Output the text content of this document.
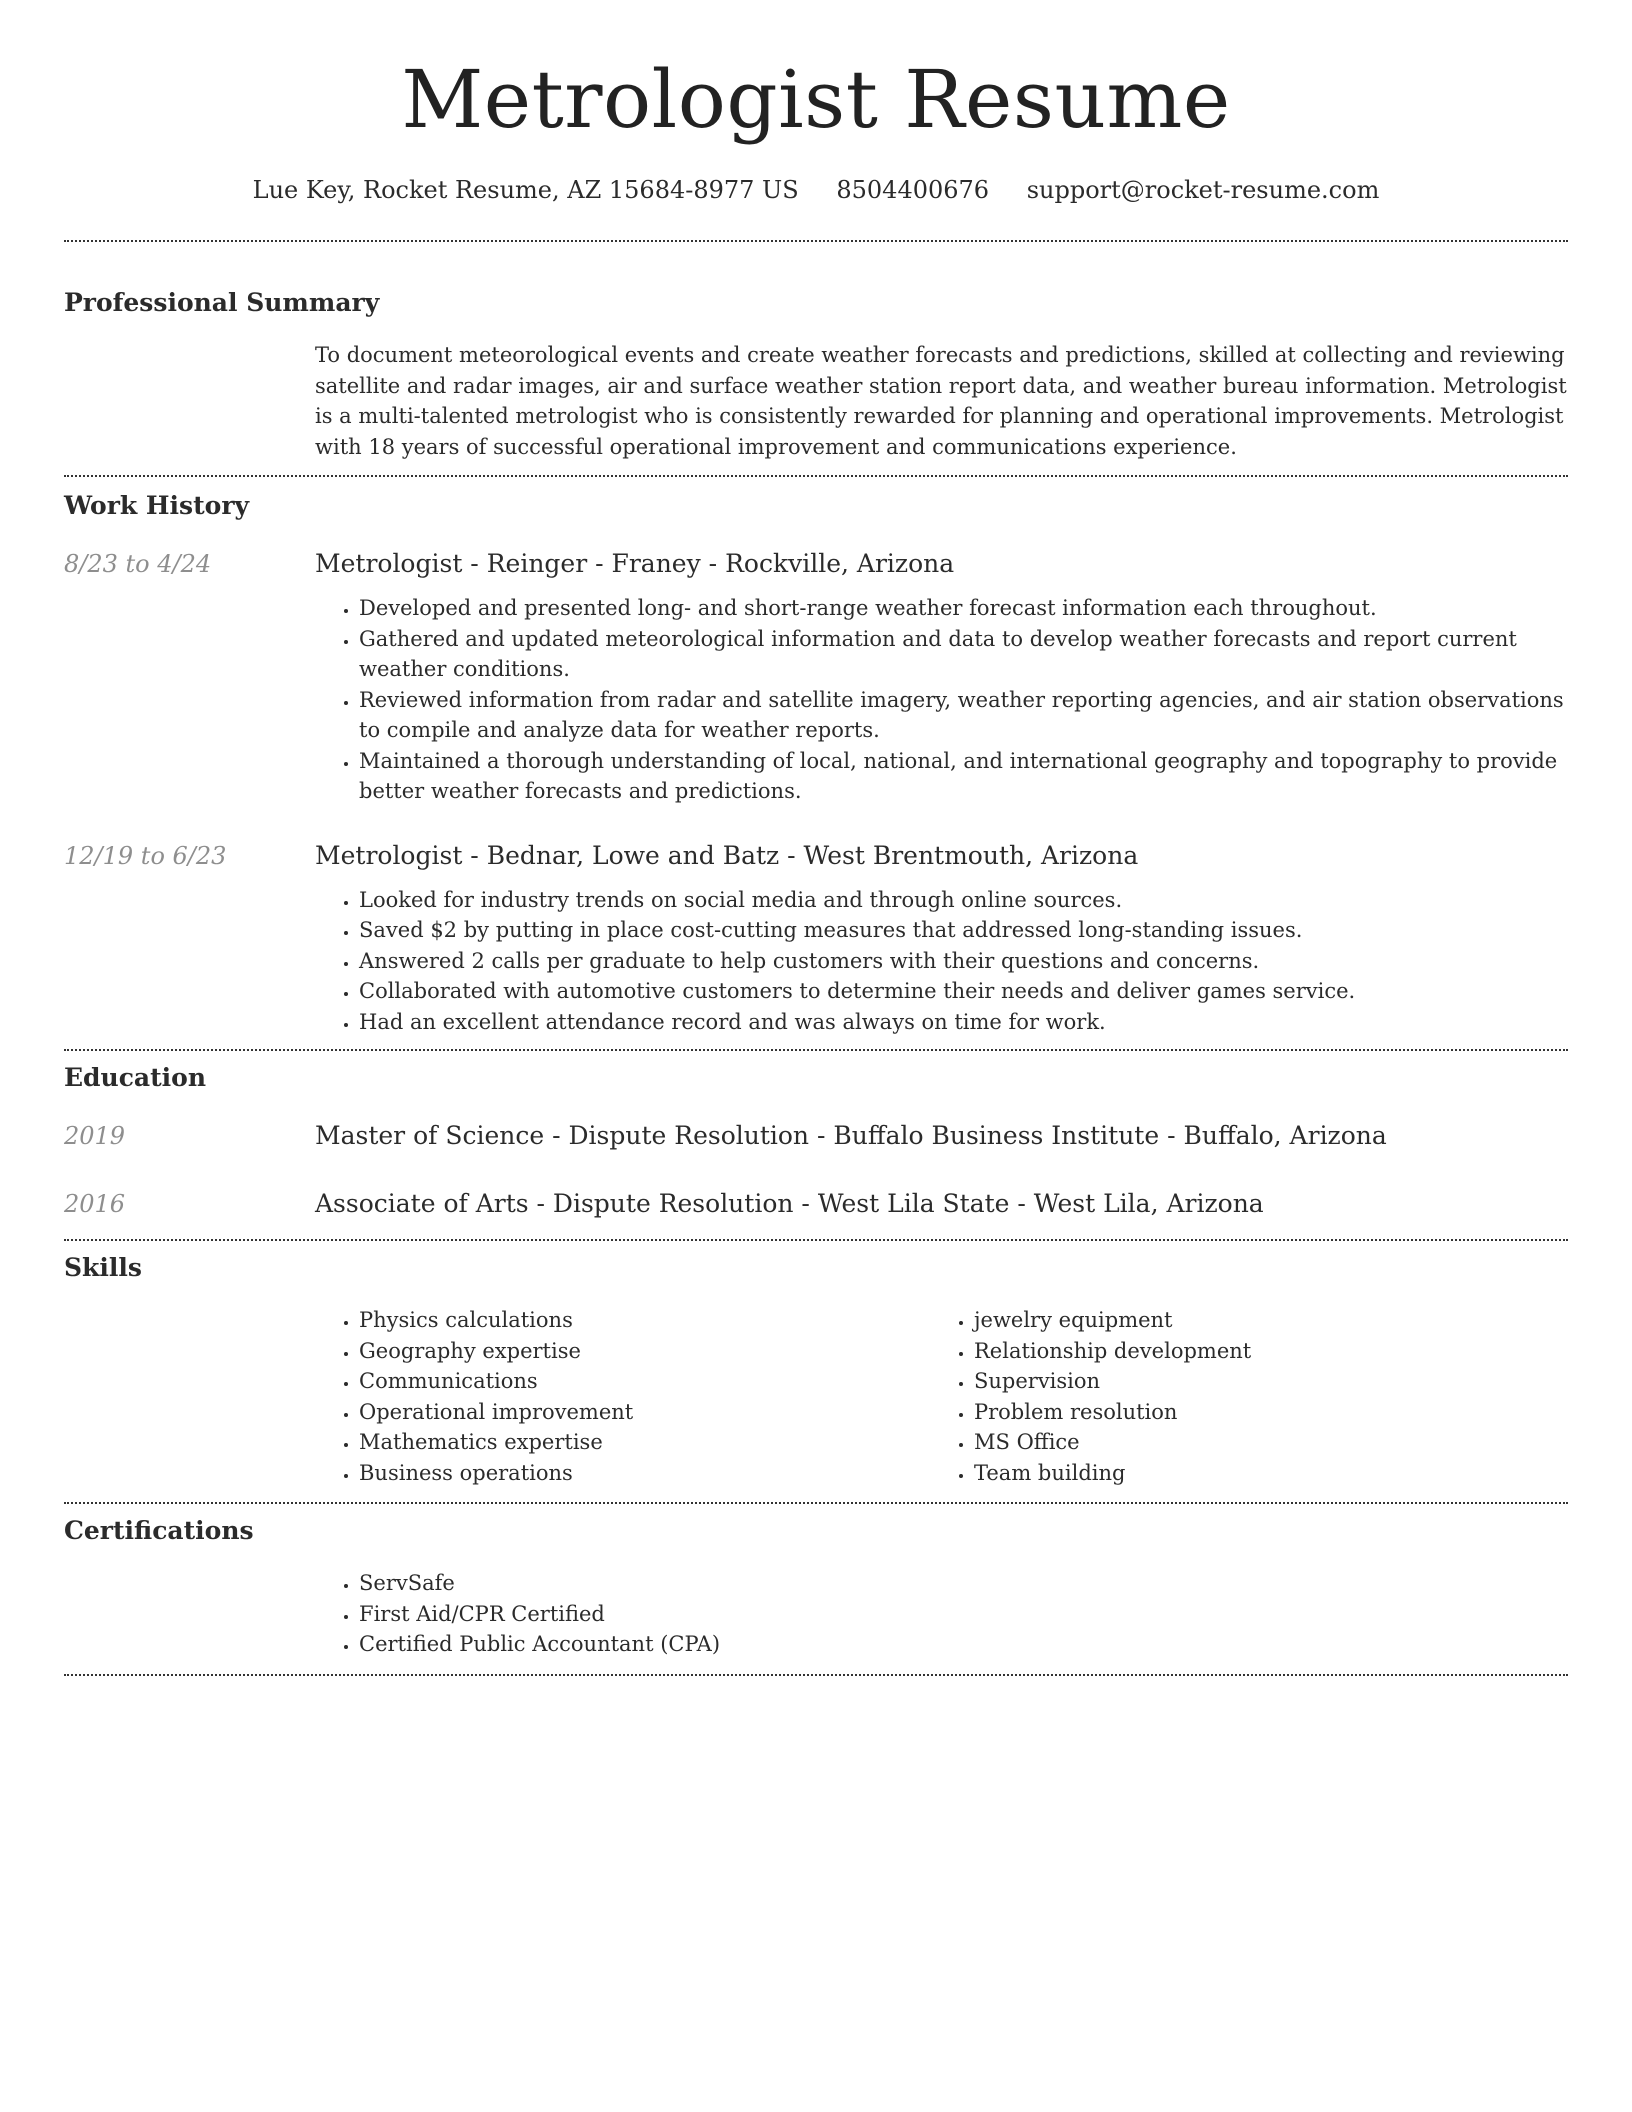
Metrologist Resume
Lue Key, Rocket Resume, AZ 15684-8977 US 8504400676 support@rocket-resume.com
Professional Summary

To document meteorological events and create weather forecasts and predictions, skilled at collecting and reviewing satellite and radar images, air and surface weather station report data, and weather bureau information. Metrologist is a multi-talented metrologist who is consistently rewarded for planning and operational improvements. Metrologist with 18 years of successful operational improvement and communications experience.

Work History
8/23 to 4/24	Metrologist - Reinger - Franey - Rockville, Arizona
• Developed and presented long- and short-range weather forecast information each throughout.
• Gathered and updated meteorological information and data to develop weather forecasts and report current weather conditions.
• Reviewed information from radar and satellite imagery, weather reporting agencies, and air station observations to compile and analyze data for weather reports.
• Maintained a thorough understanding of local, national, and international geography and topography to provide better weather forecasts and predictions.
12/19 to 6/23	Metrologist - Bednar, Lowe and Batz - West Brentmouth, Arizona
• Looked for industry trends on social media and through online sources.
• Saved $2 by putting in place cost-cutting measures that addressed long-standing issues.
• Answered 2 calls per graduate to help customers with their questions and concerns.
• Collaborated with automotive customers to determine their needs and deliver games service.
• Had an excellent attendance record and was always on time for work.
Education
2019	Master of Science - Dispute Resolution - Buffalo Business Institute - Buffalo, Arizona
2016	Associate of Arts - Dispute Resolution - West Lila State - West Lila, Arizona
Skills
• Physics calculations
• Geography expertise
• Communications
• Operational improvement
• Mathematics expertise
• Business operations
• jewelry equipment
• Relationship development
• Supervision
• Problem resolution
• MS Office
• Team building
Certifications
• ServSafe
• First Aid/CPR Certified
• Certified Public Accountant (CPA)
